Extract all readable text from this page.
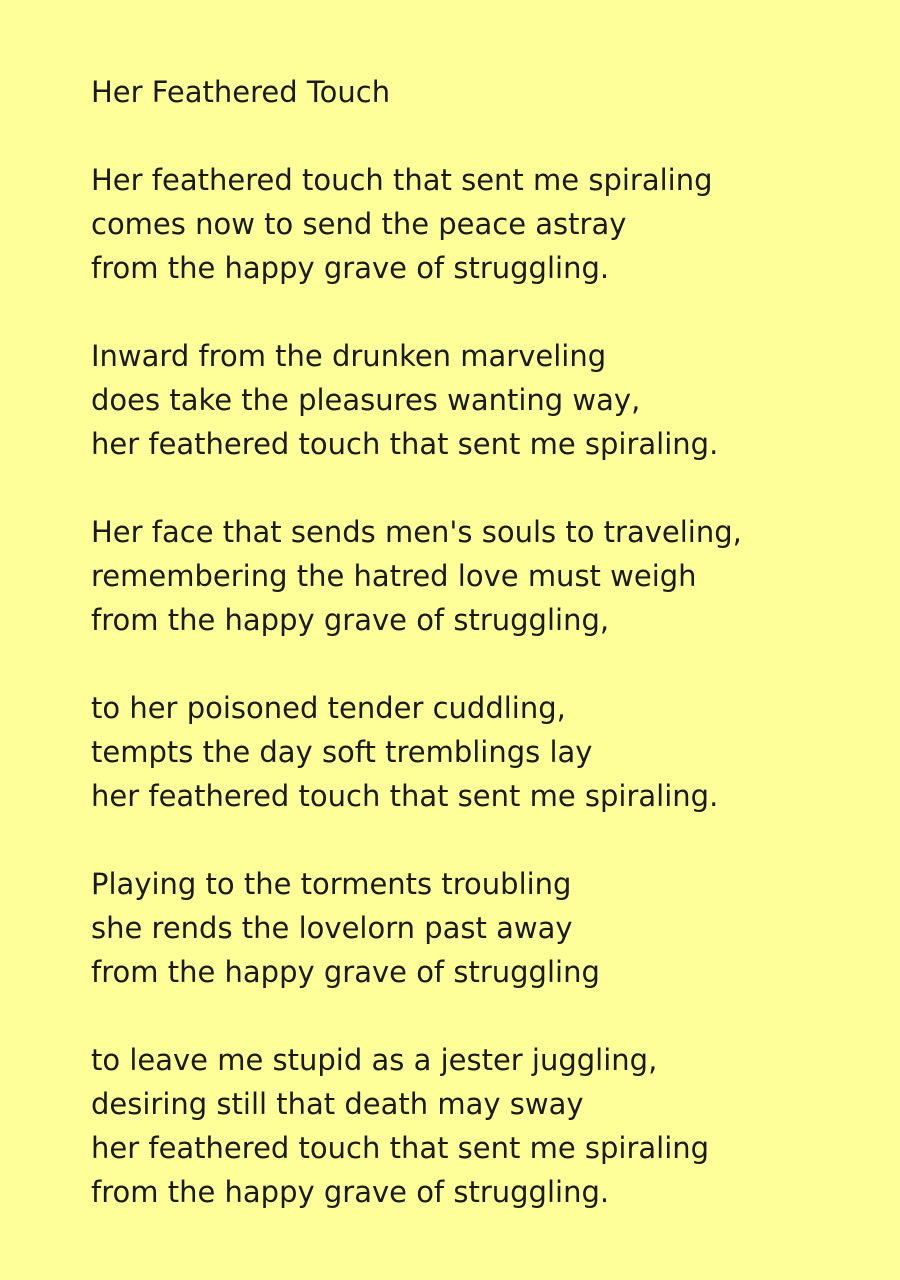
Her Feathered Touch
Her feathered touch that sent me spiraling
comes now to send the peace astray
from the happy grave of struggling.
Inward from the drunken marveling
does take the pleasures wanting way,
her feathered touch that sent me spiraling.
Her face that sends men's souls to traveling,
remembering the hatred love must weigh
from the happy grave of struggling,
to her poisoned tender cuddling,
tempts the day soft tremblings lay
her feathered touch that sent me spiraling.
Playing to the torments troubling
she rends the lovelorn past away
from the happy grave of struggling
to leave me stupid as a jester juggling,
desiring still that death may sway
her feathered touch that sent me spiraling
from the happy grave of struggling.
